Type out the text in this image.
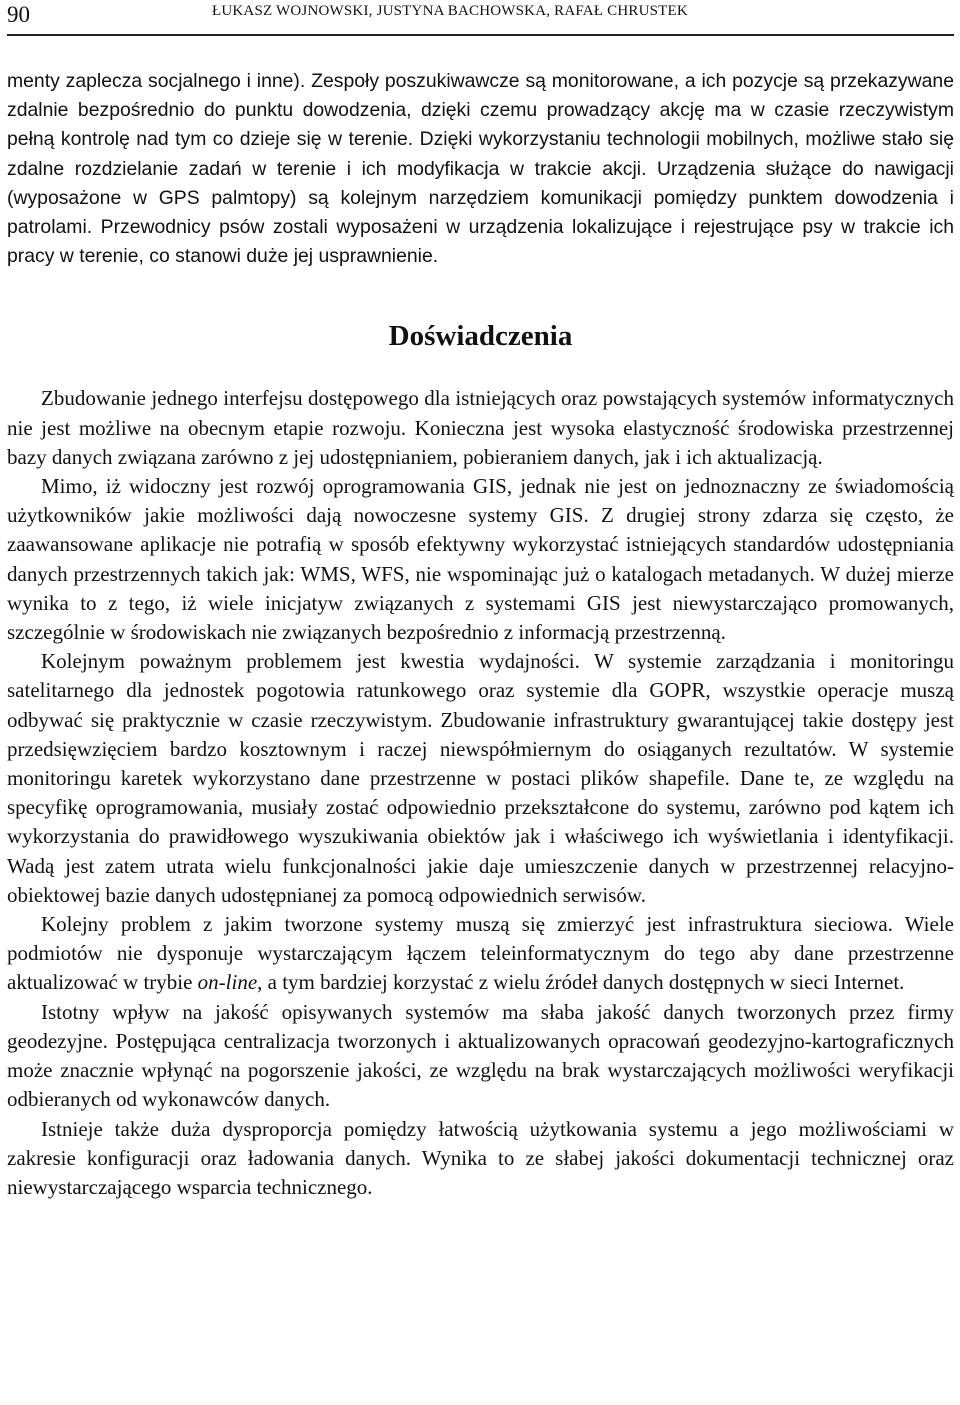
90	ŁUKASZ WOJNOWSKI, JUSTYNA BACHOWSKA, RAFAŁ CHRUSTEK

menty zaplecza socjalnego i inne). Zespoły poszukiwawcze są monitorowane, a ich pozycje są przekazywane zdalnie bezpośrednio do punktu dowodzenia, dzięki czemu prowadzący akcję ma w czasie rzeczywistym pełną kontrolę nad tym co dzieje się w terenie. Dzięki wykorzystaniu technologii mobilnych, możliwe stało się zdalne rozdzielanie zadań w terenie i ich modyfikacja w trakcie akcji. Urządzenia służące do nawigacji (wyposażone w GPS palmtopy) są kolejnym narzędziem komunikacji pomiędzy punktem dowodzenia i patrolami. Przewodnicy psów zostali wyposażeni w urządzenia lokalizujące i rejestrujące psy w trakcie ich pracy w terenie, co stanowi duże jej usprawnienie.

Doświadczenia

Zbudowanie jednego interfejsu dostępowego dla istniejących oraz powstających systemów informatycznych nie jest możliwe na obecnym etapie rozwoju. Konieczna jest wysoka elastyczność środowiska przestrzennej bazy danych związana zarówno z jej udostępnianiem, pobieraniem danych, jak i ich aktualizacją.

Mimo, iż widoczny jest rozwój oprogramowania GIS, jednak nie jest on jednoznaczny ze świadomością użytkowników jakie możliwości dają nowoczesne systemy GIS. Z drugiej strony zdarza się często, że zaawansowane aplikacje nie potrafią w sposób efektywny wykorzystać istniejących standardów udostępniania danych przestrzennych takich jak: WMS, WFS, nie wspominając już o katalogach metadanych. W dużej mierze wynika to z tego, iż wiele inicjatyw związanych z systemami GIS jest niewystarczająco promowanych, szczególnie w środowiskach nie związanych bezpośrednio z informacją przestrzenną.

Kolejnym poważnym problemem jest kwestia wydajności. W systemie zarządzania i monitoringu satelitarnego dla jednostek pogotowia ratunkowego oraz systemie dla GOPR, wszystkie operacje muszą odbywać się praktycznie w czasie rzeczywistym. Zbudowanie infrastruktury gwarantującej takie dostępy jest przedsięwzięciem bardzo kosztownym i raczej niewspółmiernym do osiąganych rezultatów. W systemie monitoringu karetek wykorzystano dane przestrzenne w postaci plików shapefile. Dane te, ze względu na specyfikę oprogramowania, musiały zostać odpowiednio przekształcone do systemu, zarówno pod kątem ich wykorzystania do prawidłowego wyszukiwania obiektów jak i właściwego ich wyświetlania i identyfikacji. Wadą jest zatem utrata wielu funkcjonalności jakie daje umieszczenie danych w przestrzennej relacyjno-obiektowej bazie danych udostępnianej za pomocą odpowiednich serwisów.

Kolejny problem z jakim tworzone systemy muszą się zmierzyć jest infrastruktura sieciowa. Wiele podmiotów nie dysponuje wystarczającym łączem teleinformatycznym do tego aby dane przestrzenne aktualizować w trybie on-line, a tym bardziej korzystać z wielu źródeł danych dostępnych w sieci Internet.

Istotny wpływ na jakość opisywanych systemów ma słaba jakość danych tworzonych przez firmy geodezyjne. Postępująca centralizacja tworzonych i aktualizowanych opracowań geodezyjno-kartograficznych może znacznie wpłynąć na pogorszenie jakości, ze względu na brak wystarczających możliwości weryfikacji odbieranych od wykonawców danych.

Istnieje także duża dysproporcja pomiędzy łatwością użytkowania systemu a jego możliwościami w zakresie konfiguracji oraz ładowania danych. Wynika to ze słabej jakości dokumentacji technicznej oraz niewystarczającego wsparcia technicznego.
